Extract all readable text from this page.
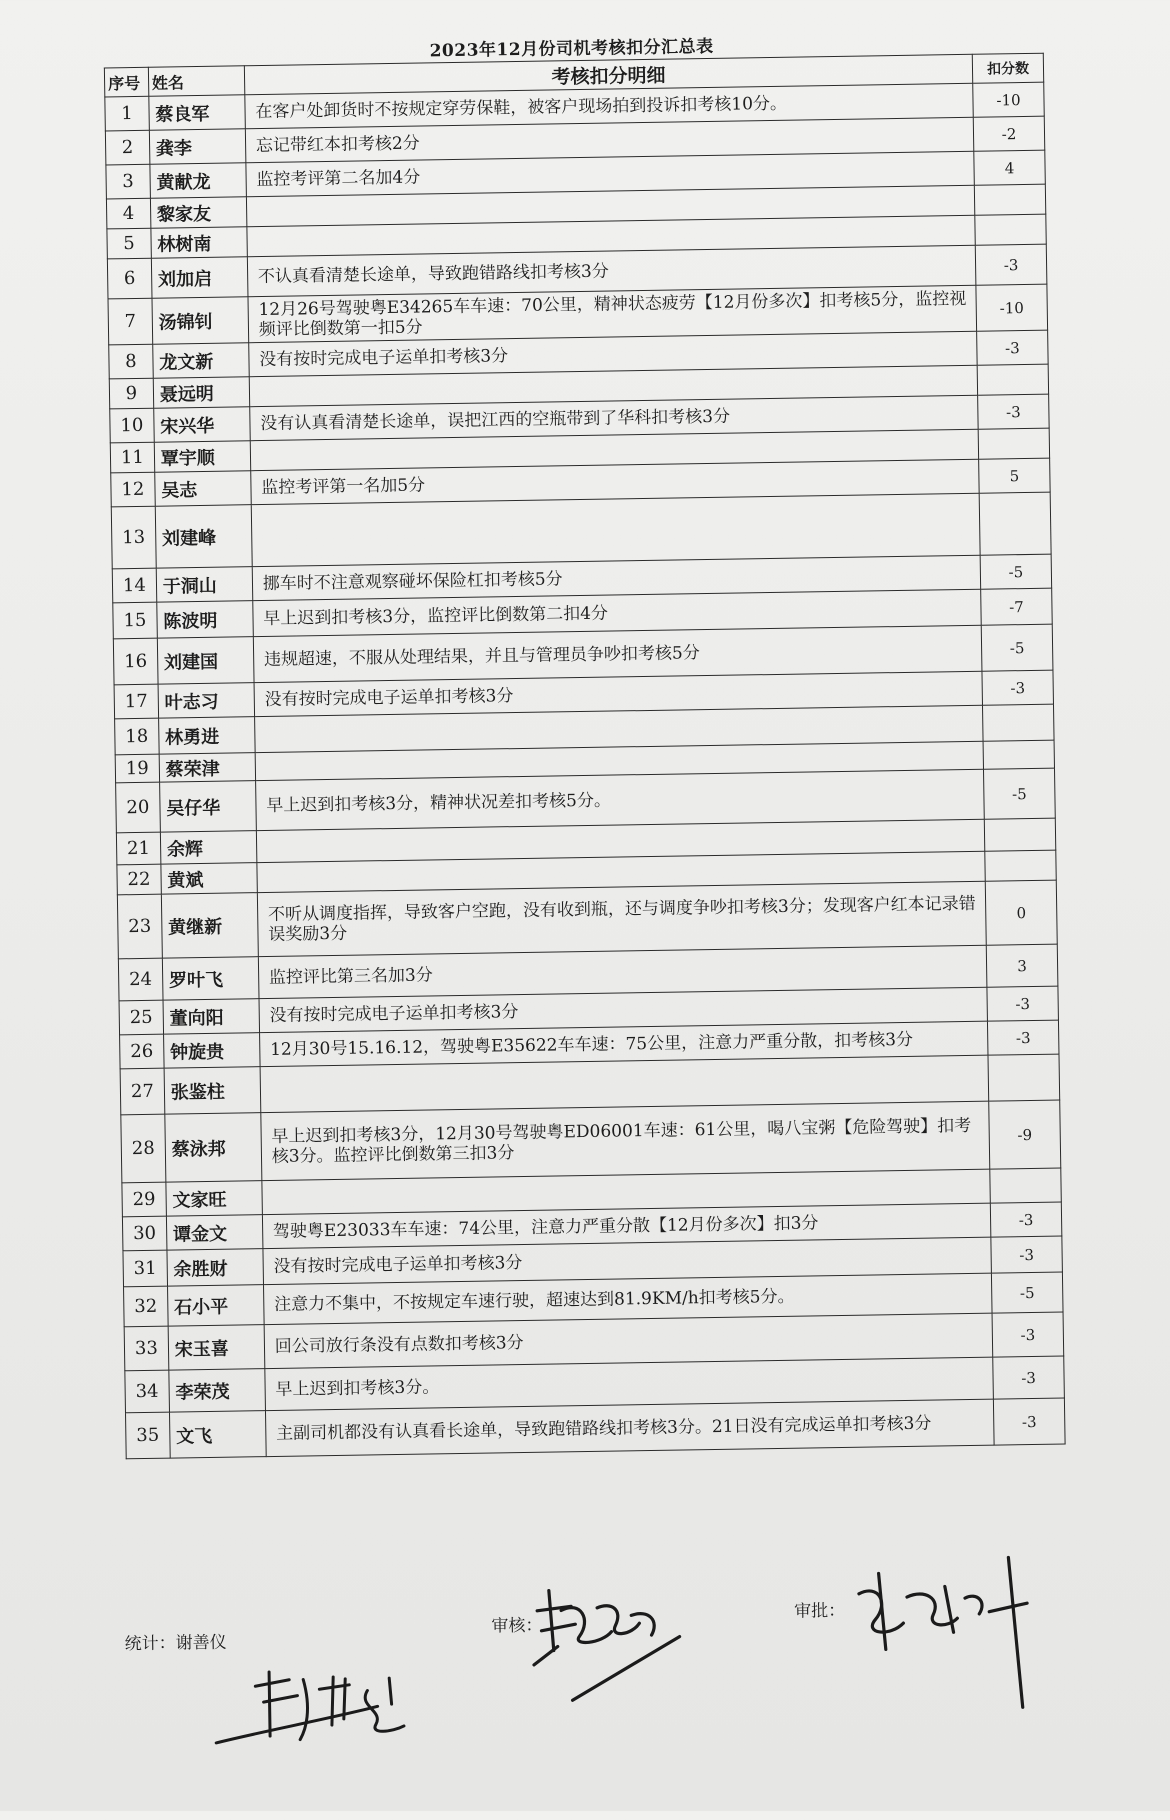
2023年12月份司机考核扣分汇总表
序号	姓名	考核扣分明细	扣分数
1	蔡良军	在客户处卸货时不按规定穿劳保鞋，被客户现场拍到投诉扣考核10分。	-10
2	龚李	忘记带红本扣考核2分	-2
3	黄献龙	监控考评第二名加4分	4
4	黎家友		
5	林树南		
6	刘加启	不认真看清楚长途单，导致跑错路线扣考核3分	-3
7	汤锦钊	12月26号驾驶粤E34265车车速：70公里，精神状态疲劳【12月份多次】扣考核5分，监控视频评比倒数第一扣5分	-10
8	龙文新	没有按时完成电子运单扣考核3分	-3
9	聂远明		
10	宋兴华	没有认真看清楚长途单，误把江西的空瓶带到了华科扣考核3分	-3
11	覃宇顺		
12	吴志	监控考评第一名加5分	5
13	刘建峰		
14	于洞山	挪车时不注意观察碰坏保险杠扣考核5分	-5
15	陈波明	早上迟到扣考核3分，监控评比倒数第二扣4分	-7
16	刘建国	违规超速，不服从处理结果，并且与管理员争吵扣考核5分	-5
17	叶志习	没有按时完成电子运单扣考核3分	-3
18	林勇进		
19	蔡荣津		
20	吴仔华	早上迟到扣考核3分，精神状况差扣考核5分。	-5
21	余辉		
22	黄斌		
23	黄继新	不听从调度指挥，导致客户空跑，没有收到瓶，还与调度争吵扣考核3分；发现客户红本记录错误奖励3分	0
24	罗叶飞	监控评比第三名加3分	3
25	董向阳	没有按时完成电子运单扣考核3分	-3
26	钟旋贵	12月30号15.16.12，驾驶粤E35622车车速：75公里，注意力严重分散，扣考核3分	-3
27	张鉴柱		
28	蔡泳邦	早上迟到扣考核3分，12月30号驾驶粤ED06001车速：61公里，喝八宝粥【危险驾驶】扣考核3分。监控评比倒数第三扣3分	-9
29	文家旺		
30	谭金文	驾驶粤E23033车车速：74公里，注意力严重分散【12月份多次】扣3分	-3
31	余胜财	没有按时完成电子运单扣考核3分	-3
32	石小平	注意力不集中，不按规定车速行驶，超速达到81.9KM/h扣考核5分。	-5
33	宋玉喜	回公司放行条没有点数扣考核3分	-3
34	李荣茂	早上迟到扣考核3分。	-3
35	文飞	主副司机都没有认真看长途单，导致跑错路线扣考核3分。21日没有完成运单扣考核3分	-3
统计：谢善仪
审核：
审批：
